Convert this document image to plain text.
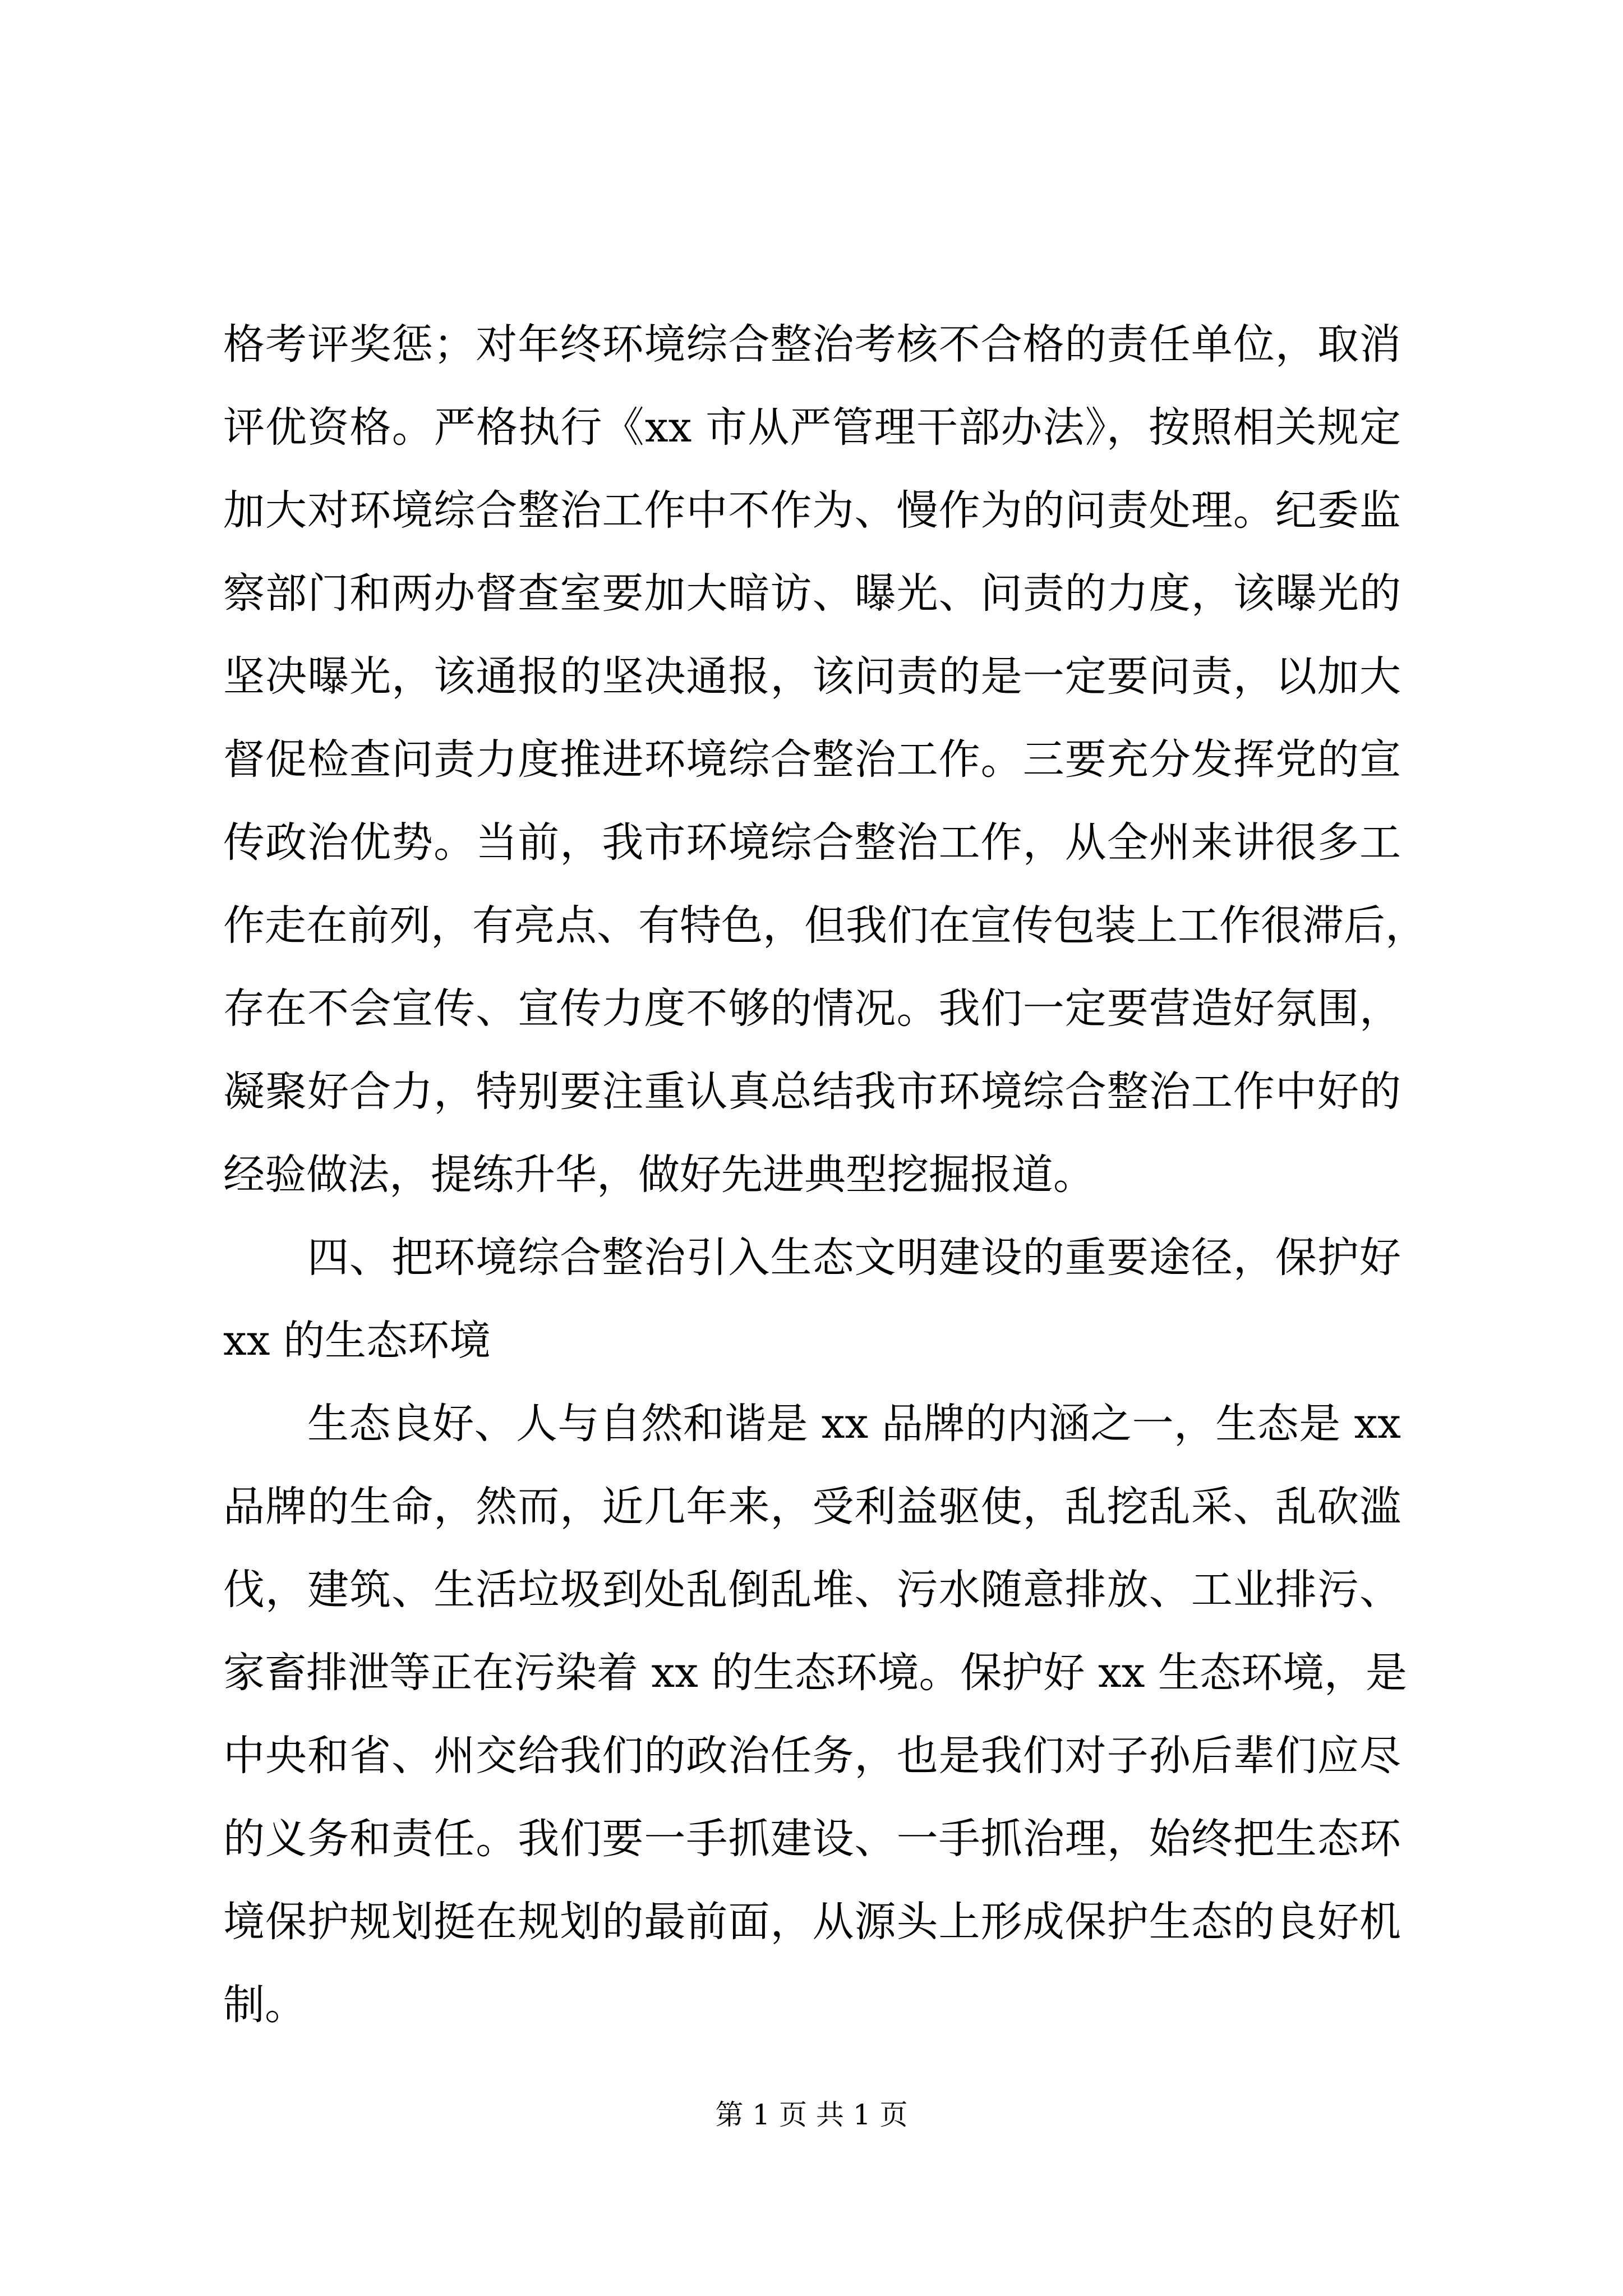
格考评奖惩；对年终环境综合整治考核不合格的责任单位，取消
评优资格。严格执行《xx 市从严管理干部办法》，按照相关规定
加大对环境综合整治工作中不作为、慢作为的问责处理。纪委监
察部门和两办督查室要加大暗访、曝光、问责的力度，该曝光的
坚决曝光，该通报的坚决通报，该问责的是一定要问责，以加大
督促检查问责力度推进环境综合整治工作。三要充分发挥党的宣
传政治优势。当前，我市环境综合整治工作，从全州来讲很多工
作走在前列，有亮点、有特色，但我们在宣传包装上工作很滞后，
存在不会宣传、宣传力度不够的情况。我们一定要营造好氛围，
凝聚好合力，特别要注重认真总结我市环境综合整治工作中好的
经验做法，提练升华，做好先进典型挖掘报道。
四、把环境综合整治引入生态文明建设的重要途径，保护好
xx 的生态环境
生态良好、人与自然和谐是 xx 品牌的内涵之一，生态是 xx
品牌的生命，然而，近几年来，受利益驱使，乱挖乱采、乱砍滥
伐，建筑、生活垃圾到处乱倒乱堆、污水随意排放、工业排污、
家畜排泄等正在污染着 xx 的生态环境。保护好 xx 生态环境，是
中央和省、州交给我们的政治任务，也是我们对子孙后辈们应尽
的义务和责任。我们要一手抓建设、一手抓治理，始终把生态环
境保护规划挺在规划的最前面，从源头上形成保护生态的良好机
制。
第 1 页 共 1 页
